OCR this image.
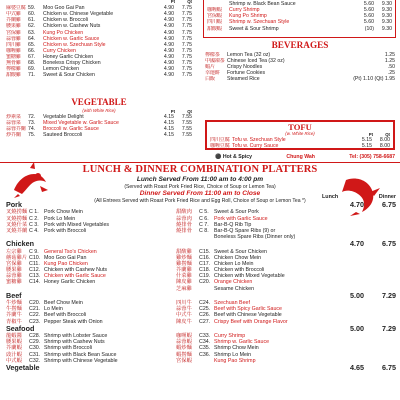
Pt	Qt
麻婆豆腐 59.	Moo Goo Gai Pan	4.90	7.75
中式雞	60.	Chicken w. Chinese Vegetable	4.90	7.75
芥蘭雞	61.	Chicken w. Broccoli	4.90	7.75
腰果雞	62.	Chicken w. Cashew Nuts	4.90	7.75
宮保雞	63.	Kung Po Chicken	4.90	7.75
蒜蓉雞	64.	Chicken w. Garlic Sauce	4.90	7.75
四川雞	65.	Chicken w. Szechuan Style	4.90	7.75
咖喱雞	66.	Curry Chicken	4.90	7.75
蜜糖雞	67.	Honey Garlic Chicken	4.90	7.75
無骨雞	68.	Boneless Crispy Chicken	4.90	7.75
檸檬雞	69.	Lemon Chicken	4.90	7.75
甜酸雞	71.	Sweet & Sour Chicken	4.90	7.75
VEGETABLE
(with White Rice)	Pt	Qt
炒素菜	72.	Vegetable Delight	4.15	7.55
蒜蓉菜	73.	Mixed Vegetable w. Garlic Sauce	4.15	7.55
蒜蓉芥蘭 74.	Broccoli w. Garlic Sauce	4.15	7.55
炒芥蘭	75.	Sauteed Broccoli	4.15	7.55
Shrimp w. Black Bean Sauce	5.60	9.30
咖喱蝦	Curry Shrimp	5.60	9.30
宮保蝦	Kung Po Shrimp	5.60	9.30
四川蝦	Shrimp w. Szechuan Style	5.60	9.30
甜酸蝦	Sweet & Sour Shrimp	(10)	9.30
BEVERAGES
檸檬茶	Lemon Tea (32 oz)	1.25
中國凍茶 Chinese Iced Tea (32 oz)	1.25
蝦片	Crispy Noodles	.50
幸運餅	Fortune Cookies	.25
白飯	Steamed Rice	(Pt) 1.10 (Qt) 1.95
TOFU
(w. White Rice)	Pt	Qt
四川豆腐 Tofu w. Szechuan Style	5.15	8.00
咖喱豆腐 Tofu w. Curry Sauce	5.15	8.00
⚫ Hot & Spicy	Chung Wah	Tel: (305) 758-6687
LUNCH & DINNER COMBINATION PLATTERS
Lunch Served From 11:00 am to 4:00 pm
(Served with Roast Pork Fried Rice, Choice of Soup or Lemon Tea)
Dinner Served From 11:00 am to Close
(All Entrees Served with Roast Pork Fried Rice and Egg Roll, Choice of Soup or Lemon Tea *)
Lunch	Dinner
Pork	4.70	6.75
叉燒捞麵 C 1. Pork Chow Mein
叉燒撈麵 C 2. Pork Lo Mein
叉燒什菜 C 3. Pork with Mixed Vegetables
叉燒芥蘭 C 4. Pork with Broccoli
甜酸肉	C 5. Sweet & Sour Pork
蒜蓉肉	C 6. Pork with Garlic Sauce
燒排骨	C 7. Bar-B-Q Rib Tip
燒排骨	C 8. Bar-B-Q Spare Ribs (9) or
Boneless Spare Ribs (Dinner only)
Chicken	4.70	6.75
左宗雞	C 9. General Tso's Chicken
蘑菇雞片 C10. Moo Goo Gai Pan
宮保雞	C11. Kung Pao Chicken
腰果雞	C12. Chicken with Cashew Nuts
蒜蓉雞	C13. Chicken with Garlic Sauce
蜜糖雞	C14. Honey Garlic Chicken
甜酸雞	C15. Sweet & Sour Chicken
雞炒麵	C16. Chicken Chow Mein
雞撈麵	C17. Chicken Lo Mein
芥蘭雞	C18. Chicken with Broccoli
什菜雞	C19. Chicken with Mixed Vegetable
陳皮雞	C20. Orange Chicken
芝麻雞	Sesame Chicken
Beef	5.00	7.29
牛炒麵	C20. Beef Chow Mein
牛撈麵	C21. Lo Mein
芥蘭牛	C22. Beef with Broccoli
青椒牛	C23. Pepper Steak with Onion
四川牛	C24. Szechuan Beef
蒜蓉牛	C25. Beef with Spicy Garlic Sauce
中式牛	C26. Beef with Chinese Vegetable
陳皮牛	C27. Crispy Beef with Orange Flavor
Seafood	5.00	7.29
龍蝦醬	C28. Shrimp with Lobster Sauce
腰果蝦	C29. Shrimp with Cashew Nuts
芥蘭蝦	C30. Shrimp with Broccoli
豉汁蝦	C31. Shrimp with Black Bean Sauce
中式蝦	C32. Shrimp with Chinese Vegetable
咖喱蝦	C33. Curry Shrimp
蒜蓉蝦	C34. Shrimp w. Garlic Sauce
蝦炒麵	C35. Shrimp Chow Mein
蝦撈麵	C36. Shrimp Lo Mein
宮保蝦	Kung Pao Shrimp
Vegetable	4.65	6.75
